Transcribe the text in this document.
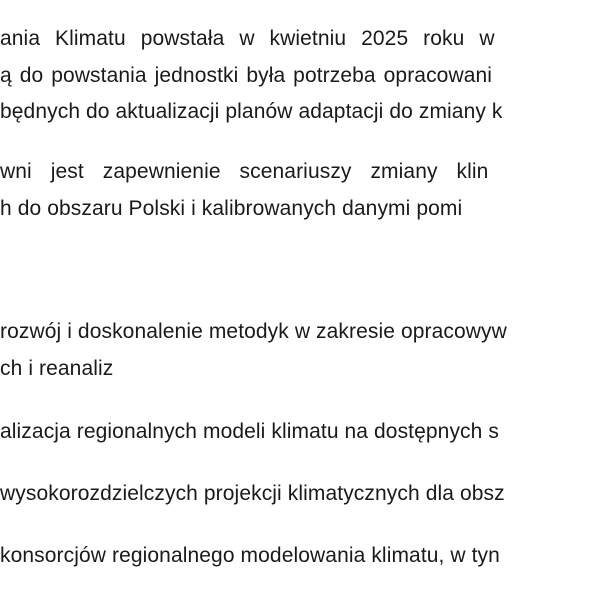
ania Klimatu powstała w kwietniu 2025 roku w
ą do powstania jednostki była potrzeba opracowani
będnych do aktualizacji planów adaptacji do zmiany k
wni jest zapewnienie scenariuszy zmiany klin
h do obszaru Polski i kalibrowanych danymi pomi
rozwój i doskonalenie metodyk w zakresie opracowyw
ch i reanaliz
alizacja regionalnych modeli klimatu na dostępnych s
wysokorozdzielczych projekcji klimatycznych dla obsz
konsorcjów regionalnego modelowania klimatu, w tyn
